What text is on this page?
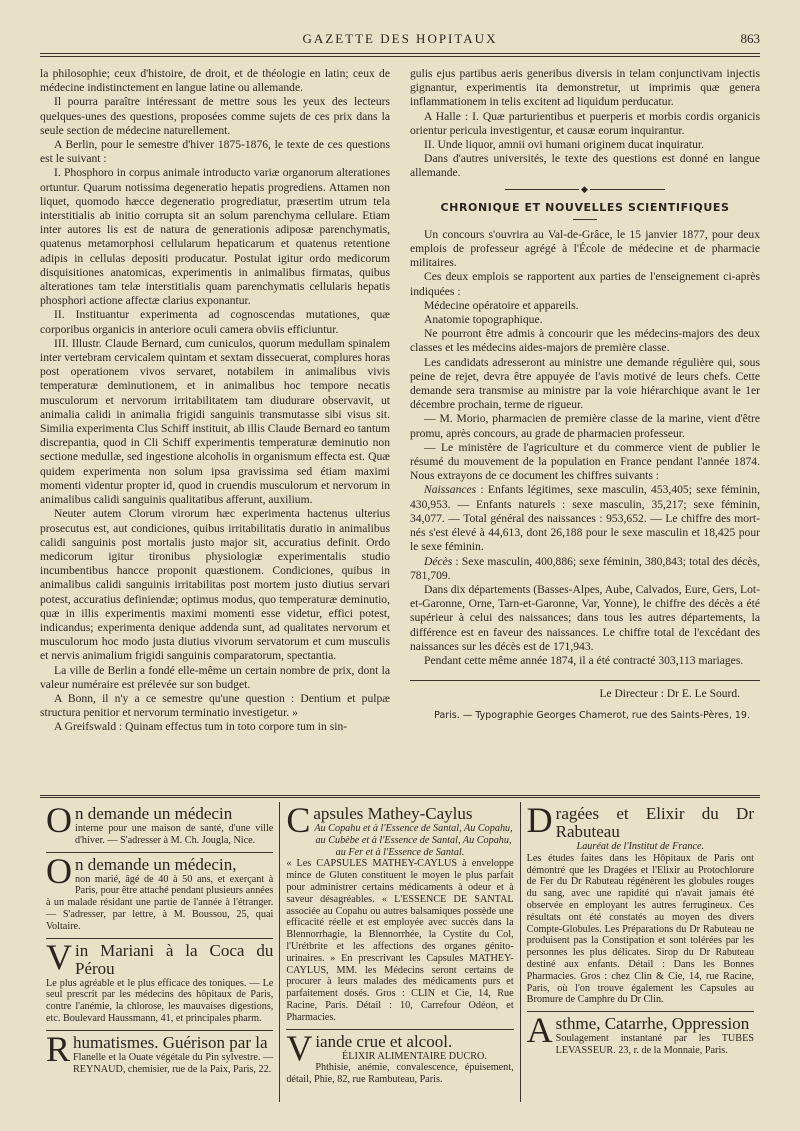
GAZETTE DES HOPITAUX	863

la philosophie; ceux d'histoire, de droit, et de théologie en latin; ceux de médecine indistinctement en langue latine ou allemande.

Il pourra paraître intéressant de mettre sous les yeux des lecteurs quelques-unes des questions, proposées comme sujets de ces prix dans la seule section de médecine naturellement.

A Berlin, pour le semestre d'hiver 1875-1876, le texte de ces questions est le suivant :

I. Phosphoro in corpus animale introducto variæ organorum alterationes ortuntur. Quarum notissima degeneratio hepatis progrediens. Attamen non liquet, quomodo hæcce degeneratio progrediatur, præsertim utrum tela interstitialis ab initio corrupta sit an solum parenchyma cellulare. Etiam inter autores lis est de natura de generationis adiposæ parenchymatis, quatenus metamorphosi cellularum hepaticarum et quatenus retentione adipis in cellulas depositi producatur. Postulat igitur ordo medicorum disquisitiones anatomicas, experimentis in animalibus firmatas, quibus alterationes tam telæ interstitialis quam parenchymatis cellularis hepatis phosphori actione affectæ clarius exponantur.

II. Instituantur experimenta ad cognoscendas mutationes, quæ corporibus organicis in anteriore oculi camera obviis efficiuntur.

III. Illustr. Claude Bernard, cum cuniculos, quorum medullam spinalem inter vertebram cervicalem quintam et sextam dissecuerat, complures horas post operationem vivos servaret, notabilem in animalibus vivis temperaturæ deminutionem, et in animalibus hoc tempore necatis musculorum et nervorum irritabilitatem tam diudurare observavit, ut animalia calidi in animalia frigidi sanguinis transmutasse sibi visus sit. Similia experimenta Clus Schiff instituit, ab illis Claude Bernard eo tantum discrepantia, quod in Cli Schiff experimentis temperaturæ deminutio non sectione medullæ, sed ingestione alcoholis in organismum effecta est. Quæ quidem experimenta non solum ipsa gravissima sed étiam maximi momenti videntur propter id, quod in cruendis musculorum et nervorum in animalibus calidi sanguinis qualitatibus afferunt, auxilium.

Neuter autem Clorum virorum hæc experimenta hactenus ulterius prosecutus est, aut condiciones, quibus irritabilitatis duratio in animalibus calidi sanguinis post mortalis justo major sit, accuratius definit. Ordo medicorum igitur tironibus physiologiæ experimentalis studio incumbentibus hancce proponit quæstionem. Condiciones, quibus in animalibus calidi sanguinis irritabilitas post mortem justo diutius servari potest, accuratius definiendæ; optimus modus, quo temperaturæ deminutio, quæ in illis experimentis maximi momenti esse videtur, effici potest, indicandus; experimenta denique addenda sunt, ad qualitates nervorum et musculorum hoc modo justa diutius vivorum servatorum et cum musculis et nervis animalium frigidi sanguinis comparatorum, spectantia.

La ville de Berlin a fondé elle-même un certain nombre de prix, dont la valeur numéraire est prélevée sur son budget.

A Bonn, il n'y a ce semestre qu'une question : Dentium et pulpæ structura penitior et nervorum terminatio investigetur. »

A Greifswald : Quinam effectus tum in toto corpore tum in sin-

gulis ejus partibus aeris generibus diversis in telam conjunctivam injectis gignantur, experimentis ita demonstretur, ut imprimis quæ genera inflammationem in telis excitent ad liquidum perducatur.

A Halle : I. Quæ parturientibus et puerperis et morbis cordis organicis orientur pericula investigentur, et causæ eorum inquirantur.

II. Unde liquor, amnii ovi humani originem ducat inquiratur.

Dans d'autres universités, le texte des questions est donné en langue allemande.

◆
CHRONIQUE ET NOUVELLES SCIENTIFIQUES

Un concours s'ouvrira au Val-de-Grâce, le 15 janvier 1877, pour deux emplois de professeur agrégé à l'École de médecine et de pharmacie militaires.

Ces deux emplois se rapportent aux parties de l'enseignement ci-après indiquées :

Médecine opératoire et appareils.

Anatomie topographique.

Ne pourront être admis à concourir que les médecins-majors des deux classes et les médecins aides-majors de première classe.

Les candidats adresseront au ministre une demande régulière qui, sous peine de rejet, devra être appuyée de l'avis motivé de leurs chefs. Cette demande sera transmise au ministre par la voie hiérarchique avant le 1er décembre prochain, terme de rigueur.

— M. Morio, pharmacien de première classe de la marine, vient d'être promu, après concours, au grade de pharmacien professeur.

— Le ministère de l'agriculture et du commerce vient de publier le résumé du mouvement de la population en France pendant l'année 1874. Nous extrayons de ce document les chiffres suivants :

Naissances : Enfants légitimes, sexe masculin, 453,405; sexe féminin, 430,953. — Enfants naturels : sexe masculin, 35,217; sexe féminin, 34,077. — Total général des naissances : 953,652. — Le chiffre des mort-nés s'est élevé à 44,613, dont 26,188 pour le sexe masculin et 18,425 pour le sexe féminin.

Décès : Sexe masculin, 400,886; sexe féminin, 380,843; total des décès, 781,709.

Dans dix départements (Basses-Alpes, Aube, Calvados, Eure, Gers, Lot-et-Garonne, Orne, Tarn-et-Garonne, Var, Yonne), le chiffre des décès a été supérieur à celui des naissances; dans tous les autres départements, la différence est en faveur des naissances. Le chiffre total de l'excédant des naissances sur les décès est de 171,943.

Pendant cette même année 1874, il a été contracté 303,113 mariages.

Le Directeur : Dr E. Le Sourd.
Paris. — Typographie Georges Chamerot, rue des Saints-Pères, 19.
O n demande un médecin
interne pour une maison de santé, d'une ville d'hiver. — S'adresser à M. Ch. Jougla, Nice.
O n demande un médecin,
non marié, âgé de 40 à 50 ans, et exerçant à Paris, pour être attaché pendant plusieurs années à un malade résidant une partie de l'année à l'étranger. — S'adresser, par lettre, à M. Boussou, 25, quai Voltaire.
V in Mariani à la Coca du Pérou
Le plus agréable et le plus efficace des toniques. — Le seul prescrit par les médecins des hôpitaux de Paris, contre l'anémie, la chlorose, les mauvaises digestions, etc. Boulevard Haussmann, 41, et principales pharm.
R humatismes. Guérison par la
Flanelle et la Ouate végétale du Pin sylvestre. — REYNAUD, chemisier, rue de la Paix, Paris, 22.
C apsules Mathey-Caylus
Au Copahu et à l'Essence de Santal, Au Copahu, au Cubèbe et à l'Essence de Santal, Au Copahu, au Fer et à l'Essence de Santal.
« Les CAPSULES MATHEY-CAYLUS à enveloppe mince de Gluten constituent le moyen le plus parfait pour administrer certains médicaments à odeur et à saveur désagréables. « L'ESSENCE DE SANTAL associée au Copahu ou autres balsamiques possède une efficacité réelle et est employée avec succès dans la Blennorrhagie, la Blennorrhée, la Cystite du Col, l'Urétbrite et les affections des organes génito-urinaires. » En prescrivant les Capsules MATHEY-CAYLUS, MM. les Médecins seront certains de procurer à leurs malades des médicaments purs et parfaitement dosés. Gros : CLIN et Cie, 14, Rue Racine, Paris. Détail : 10, Carrefour Odéon, et Pharmacies.
V iande crue et alcool.
ÉLIXIR ALIMENTAIRE DUCRO.
Phthisie, anémie, convalescence, épuisement, détail, Phie, 82, rue Rambuteau, Paris.
D ragées et Elixir du Dr Rabuteau
Lauréat de l'Institut de France.
Les études faites dans les Hôpitaux de Paris ont démontré que les Dragées et l'Elixir au Protochlorure de Fer du Dr Rabuteau régénèrent les globules rouges du sang, avec une rapidité qui n'avait jamais été observée en employant les autres ferrugineux. Ces résultats ont été constatés au moyen des divers Compte-Globules. Les Préparations du Dr Rabuteau ne produisent pas la Constipation et sont tolérées par les personnes les plus délicates. Sirop du Dr Rabuteau destiné aux enfants. Détail : Dans les Bonnes Pharmacies. Gros : chez Clin & Cie, 14, rue Racine, Paris, où l'on trouve également les Capsules au Bromure de Camphre du Dr Clin.
A sthme, Catarrhe, Oppression
Soulagement instantané par les TUBES LEVASSEUR. 23, r. de la Monnaie, Paris.
